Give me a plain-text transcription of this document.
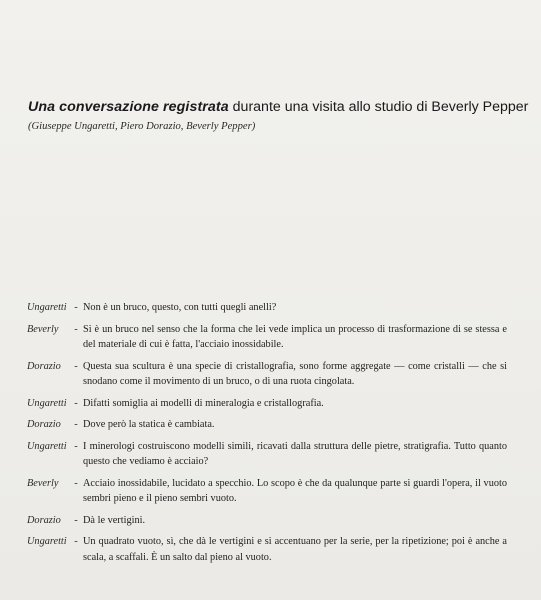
Una conversazione registrata durante una visita allo studio di Beverly Pepper
(Giuseppe Ungaretti, Piero Dorazio, Beverly Pepper)
Ungaretti - Non è un bruco, questo, con tutti quegli anelli?
Beverly	- Si è un bruco nel senso che la forma che lei vede implica un processo di trasformazione di se stessa e del materiale di cui è fatta, l'acciaio inossidabile.
Dorazio	- Questa sua scultura è una specie di cristallografia, sono forme aggregate — come cristalli — che si snodano come il movimento di un bruco, o di una ruota cingolata.
Ungaretti - Difatti somiglia ai modelli di mineralogia e cristallografia.
Dorazio	- Dove però la statica è cambiata.
Ungaretti - I minerologi costruiscono modelli simili, ricavati dalla struttura delle pietre, stratigrafia. Tutto quanto questo che vediamo è acciaio?
Beverly	- Acciaio inossidabile, lucidato a specchio. Lo scopo è che da qualunque parte si guardi l'opera, il vuoto sembri pieno e il pieno sembri vuoto.
Dorazio	- Dà le vertigini.
Ungaretti - Un quadrato vuoto, sì, che dà le vertigini e si accentuano per la serie, per la ripetizione; poi è anche a scala, a scaffali. È un salto dal pieno al vuoto.
